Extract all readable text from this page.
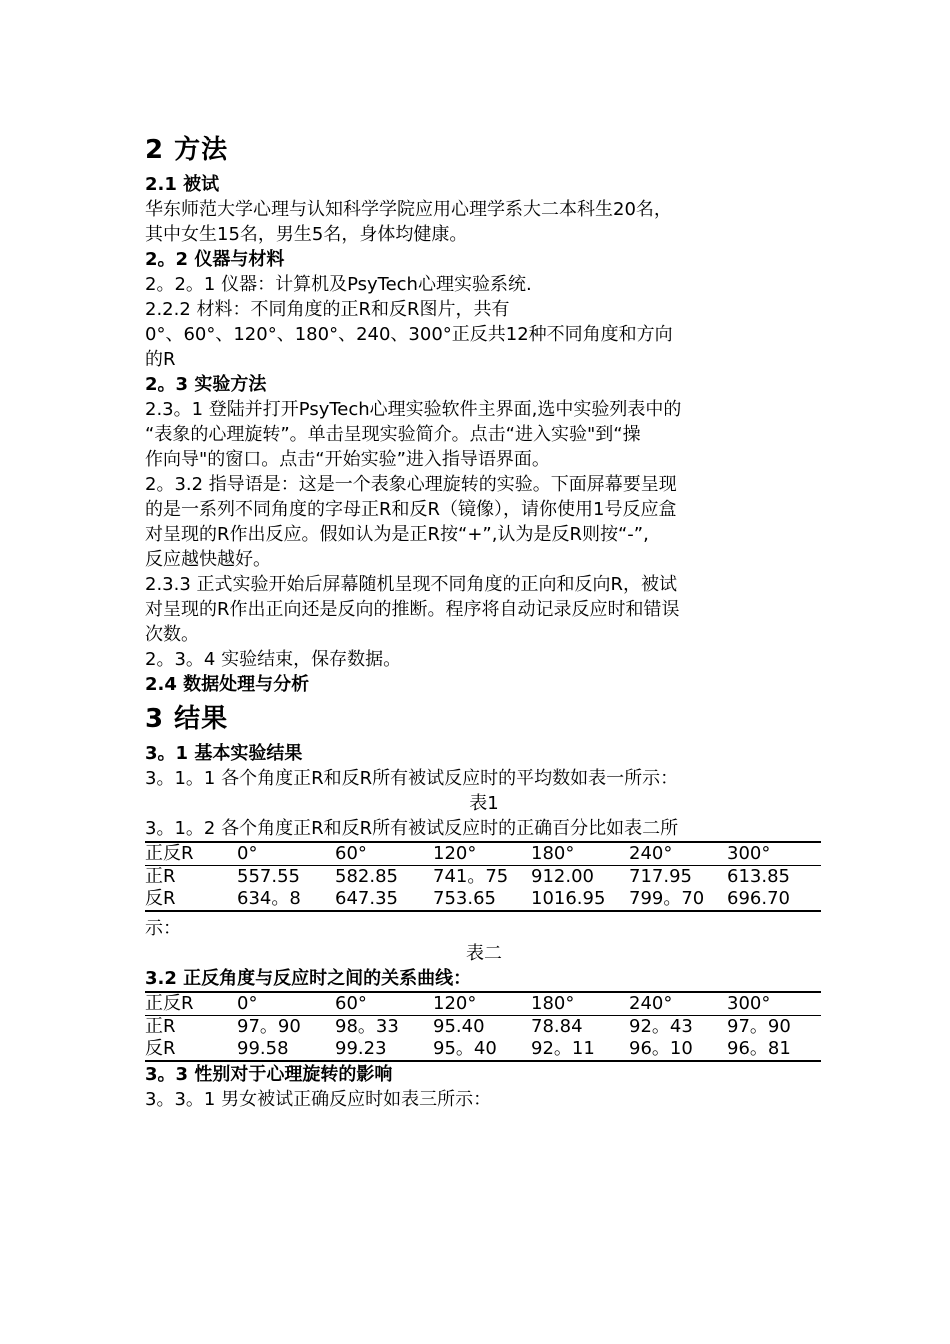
2 方法
2.1 被试
华东师范大学心理与认知科学学院应用心理学系大二本科生20名，
其中女生15名，男生5名，身体均健康。
2。2 仪器与材料
2。2。1 仪器：计算机及PsyTech心理实验系统.
2.2.2 材料：不同角度的正R和反R图片，共有
0°、60°、120°、180°、240、300°正反共12种不同角度和方向
的R
2。3 实验方法
2.3。1 登陆并打开PsyTech心理实验软件主界面,选中实验列表中的
“表象的心理旋转”。单击呈现实验简介。点击“进入实验"到“操
作向导"的窗口。点击“开始实验”进入指导语界面。
2。3.2 指导语是：这是一个表象心理旋转的实验。下面屏幕要呈现
的是一系列不同角度的字母正R和反R（镜像），请你使用1号反应盒
对呈现的R作出反应。假如认为是正R按“+”,认为是反R则按“-”,
反应越快越好。
2.3.3 正式实验开始后屏幕随机呈现不同角度的正向和反向R，被试
对呈现的R作出正向还是反向的推断。程序将自动记录反应时和错误
次数。
2。3。4 实验结束，保存数据。
2.4 数据处理与分析
3 结果
3。1 基本实验结果
3。1。1 各个角度正R和反R所有被试反应时的平均数如表一所示：
表1
3。1。2 各个角度正R和反R所有被试反应时的正确百分比如表二所
正反R	0°	60°	120°	180°	240°	300°
正R	557.55	582.85	741。75	912.00	717.95	613.85
反R	634。8	647.35	753.65	1016.95	799。70	696.70
示：
表二
3.2 正反角度与反应时之间的关系曲线：
正反R	0°	60°	120°	180°	240°	300°
正R	97。90	98。33	95.40	78.84	92。43	97。90
反R	99.58	99.23	95。40	92。11	96。10	96。81
3。3 性别对于心理旋转的影响
3。3。1 男女被试正确反应时如表三所示：
